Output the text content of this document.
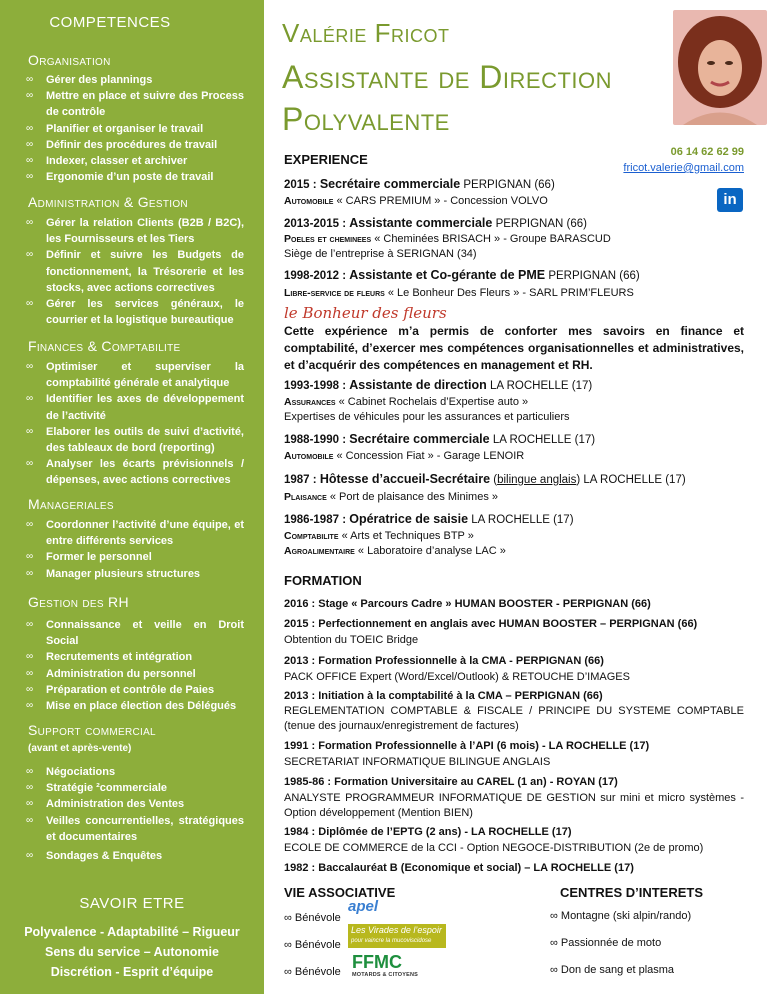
COMPETENCES
Organisation
∞ Gérer des plannings
∞ Mettre en place et suivre des Process de contrôle
∞ Planifier et organiser le travail
∞ Définir des procédures de travail
∞ Indexer, classer et archiver
∞ Ergonomie d’un poste de travail
Administration & Gestion
∞ Gérer la relation Clients (B2B / B2C), les Fournisseurs et les Tiers
∞ Définir et suivre les Budgets de fonctionnement, la Trésorerie et les stocks, avec actions correctives
∞ Gérer les services généraux, le courrier et la logistique bureautique
Finances & Comptabilite
∞ Optimiser et superviser la comptabilité générale et analytique
∞ Identifier les axes de développement de l’activité
∞ Elaborer les outils de suivi d’activité, des tableaux de bord (reporting)
∞ Analyser les écarts prévisionnels / dépenses, avec actions correctives
Manageriales
∞ Coordonner l’activité d’une équipe, et entre différents services
∞ Former le personnel
∞ Manager plusieurs structures
Gestion des RH
∞ Connaissance et veille en Droit Social
∞ Recrutements et intégration
∞ Administration du personnel
∞ Préparation et contrôle de Paies
∞ Mise en place élection des Délégués
Support commercial
(avant et après-vente)
∞ Négociations
∞ Stratégie ²commerciale
∞ Administration des Ventes
∞ Veilles concurrentielles, stratégiques et documentaires
∞ Sondages & Enquêtes
SAVOIR ETRE
Polyvalence - Adaptabilité – Rigueur
Sens du service – Autonomie
Discrétion - Esprit d’équipe
Valérie Fricot
Assistante de Direction
Polyvalente
06 14 62 62 99
fricot.valerie@gmail.com
in
EXPERIENCE
2015 : Secrétaire commerciale PERPIGNAN (66)
Automobile « CARS PREMIUM » - Concession VOLVO
2013-2015 : Assistante commerciale PERPIGNAN (66)
Poeles et cheminees « Cheminées BRISACH » - Groupe BARASCUD
Siège de l’entreprise à SERIGNAN (34)
1998-2012 : Assistante et Co-gérante de PME PERPIGNAN (66)
Libre-service de fleurs « Le Bonheur Des Fleurs » - SARL PRIM’FLEURS
le Bonheur des fleurs
Cette expérience m’a permis de conforter mes savoirs en finance et comptabilité, d’exercer mes compétences organisationnelles et administratives, et d’acquérir des compétences en management et RH.
1993-1998 : Assistante de direction LA ROCHELLE (17)
Assurances « Cabinet Rochelais d’Expertise auto »
Expertises de véhicules pour les assurances et particuliers
1988-1990 : Secrétaire commerciale LA ROCHELLE (17)
Automobile « Concession Fiat » - Garage LENOIR
1987 : Hôtesse d’accueil-Secrétaire (bilingue anglais) LA ROCHELLE (17)
Plaisance « Port de plaisance des Minimes »
1986-1987 : Opératrice de saisie LA ROCHELLE (17)
Comptabilite « Arts et Techniques BTP »
Agroalimentaire « Laboratoire d’analyse LAC »
FORMATION
2016 : Stage « Parcours Cadre » HUMAN BOOSTER - PERPIGNAN (66)
2015 : Perfectionnement en anglais avec HUMAN BOOSTER – PERPIGNAN (66)
Obtention du TOEIC Bridge
2013 : Formation Professionnelle à la CMA - PERPIGNAN (66)
PACK OFFICE Expert (Word/Excel/Outlook) & RETOUCHE D’IMAGES
2013 : Initiation à la comptabilité à la CMA – PERPIGNAN (66)
REGLEMENTATION COMPTABLE & FISCALE / PRINCIPE DU SYSTEME COMPTABLE (tenue des journaux/enregistrement de factures)
1991 : Formation Professionnelle à l’API (6 mois) - LA ROCHELLE (17)
SECRETARIAT INFORMATIQUE BILINGUE ANGLAIS
1985-86 : Formation Universitaire au CAREL (1 an) - ROYAN (17)
ANALYSTE PROGRAMMEUR INFORMATIQUE DE GESTION sur mini et micro systèmes - Option développement (Mention BIEN)
1984 : Diplômée de l’EPTG (2 ans) - LA ROCHELLE (17)
ECOLE DE COMMERCE de la CCI - Option NEGOCE-DISTRIBUTION (2e de promo)
1982 : Baccalauréat B (Economique et social) – LA ROCHELLE (17)
VIE ASSOCIATIVE
∞ Bénévole
∞ Bénévole
∞ Bénévole
apel
Les Virades de l’espoir
pour vaincre la mucoviscidose
FFMC
MOTARDS & CITOYENS
CENTRES D’INTERETS
∞ Montagne (ski alpin/rando)
∞ Passionnée de moto
∞ Don de sang et plasma
